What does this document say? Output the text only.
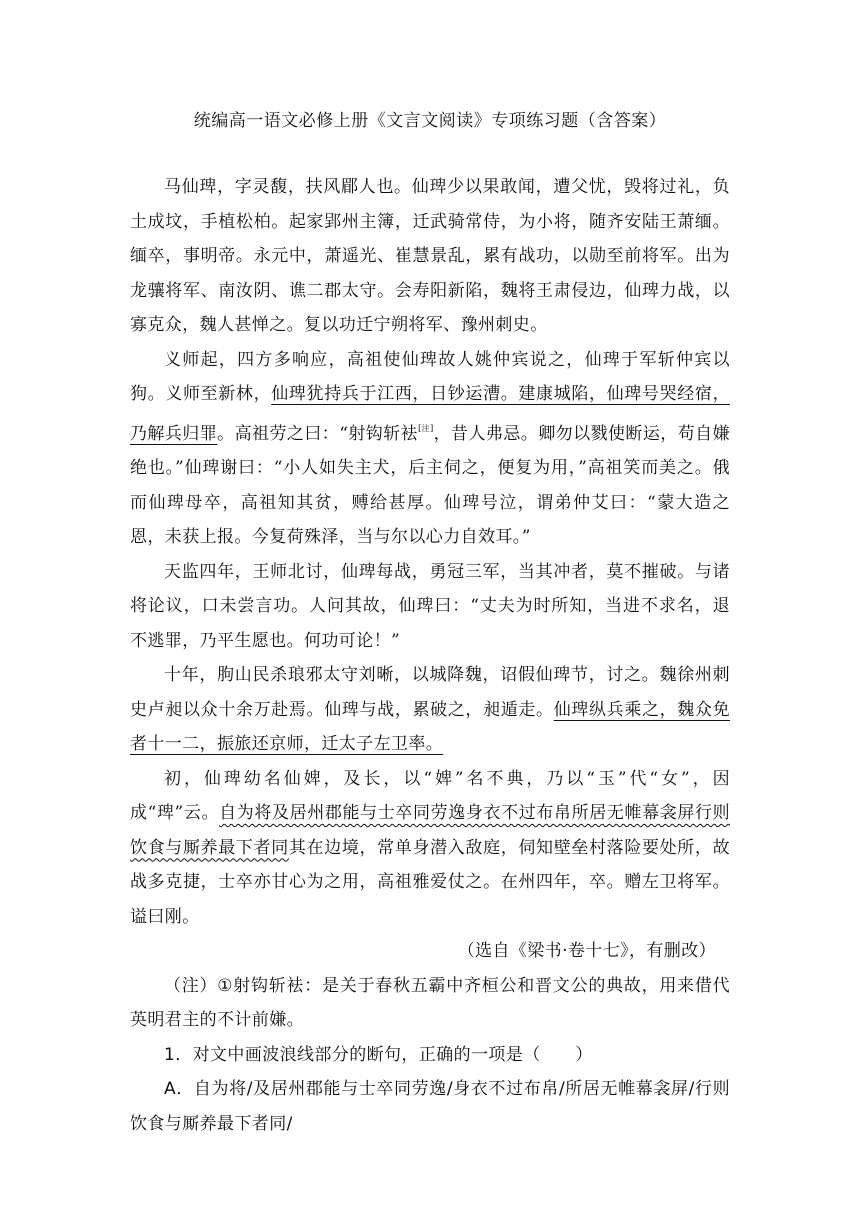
统编高一语文必修上册《文言文阅读》专项练习题（含答案）

马仙琕，字灵馥，扶风郿人也。仙琕少以果敢闻，遭父忧，毁将过礼，负土成坟，手植松柏。起家郢州主簿，迁武骑常侍，为小将，随齐安陆王萧缅。缅卒，事明帝。永元中，萧遥光、崔慧景乱，累有战功，以勋至前将军。出为龙骧将军、南汝阴、谯二郡太守。会寿阳新陷，魏将王肃侵边，仙琕力战，以寡克众，魏人甚惮之。复以功迁宁朔将军、豫州刺史。

义师起，四方多响应，高祖使仙琕故人姚仲宾说之，仙琕于军斩仲宾以狗。义师至新林，仙琕犹持兵于江西，日钞运漕。建康城陷，仙琕号哭经宿，乃解兵归罪。高祖劳之曰：“射钩斩袪[注]，昔人弗忌。卿勿以戮使断运，苟自嫌绝也。”仙琕谢曰：“小人如失主犬，后主伺之，便复为用，”高祖笑而美之。俄而仙琕母卒，高祖知其贫，赙给甚厚。仙琕号泣，谓弟仲艾曰：“蒙大造之恩，未获上报。今复荷殊泽，当与尔以心力自效耳。”

天监四年，王师北讨，仙琕每战，勇冠三军，当其冲者，莫不摧破。与诸将论议，口未尝言功。人问其故，仙琕曰：“丈夫为时所知，当进不求名，退不逃罪，乃平生愿也。何功可论！”

十年，朐山民杀琅邪太守刘晰，以城降魏，诏假仙琕节，讨之。魏徐州刺史卢昶以众十余万赴焉。仙琕与战，累破之，昶遁走。仙琕纵兵乘之，魏众免者十一二，振旅还京师，迁太子左卫率。

初，仙琕幼名仙婢，及长，以“婢”名不典，乃以“玉”代“女”，因成“琕”云。自为将及居州郡能与士卒同劳逸身衣不过布帛所居无帷幕衾屏行则饮食与厮养最下者同其在边境，常单身潜入敌庭，伺知壁垒村落险要处所，故战多克捷，士卒亦甘心为之用，高祖雅爱仗之。在州四年，卒。赠左卫将军。谥曰刚。

（选自《梁书·卷十七》，有删改）

（注）①射钩斩袪：是关于春秋五霸中齐桓公和晋文公的典故，用来借代英明君主的不计前嫌。

1．对文中画波浪线部分的断句，正确的一项是（　　）

A．自为将/及居州郡能与士卒同劳逸/身衣不过布帛/所居无帷幕衾屏/行则饮食与厮养最下者同/
